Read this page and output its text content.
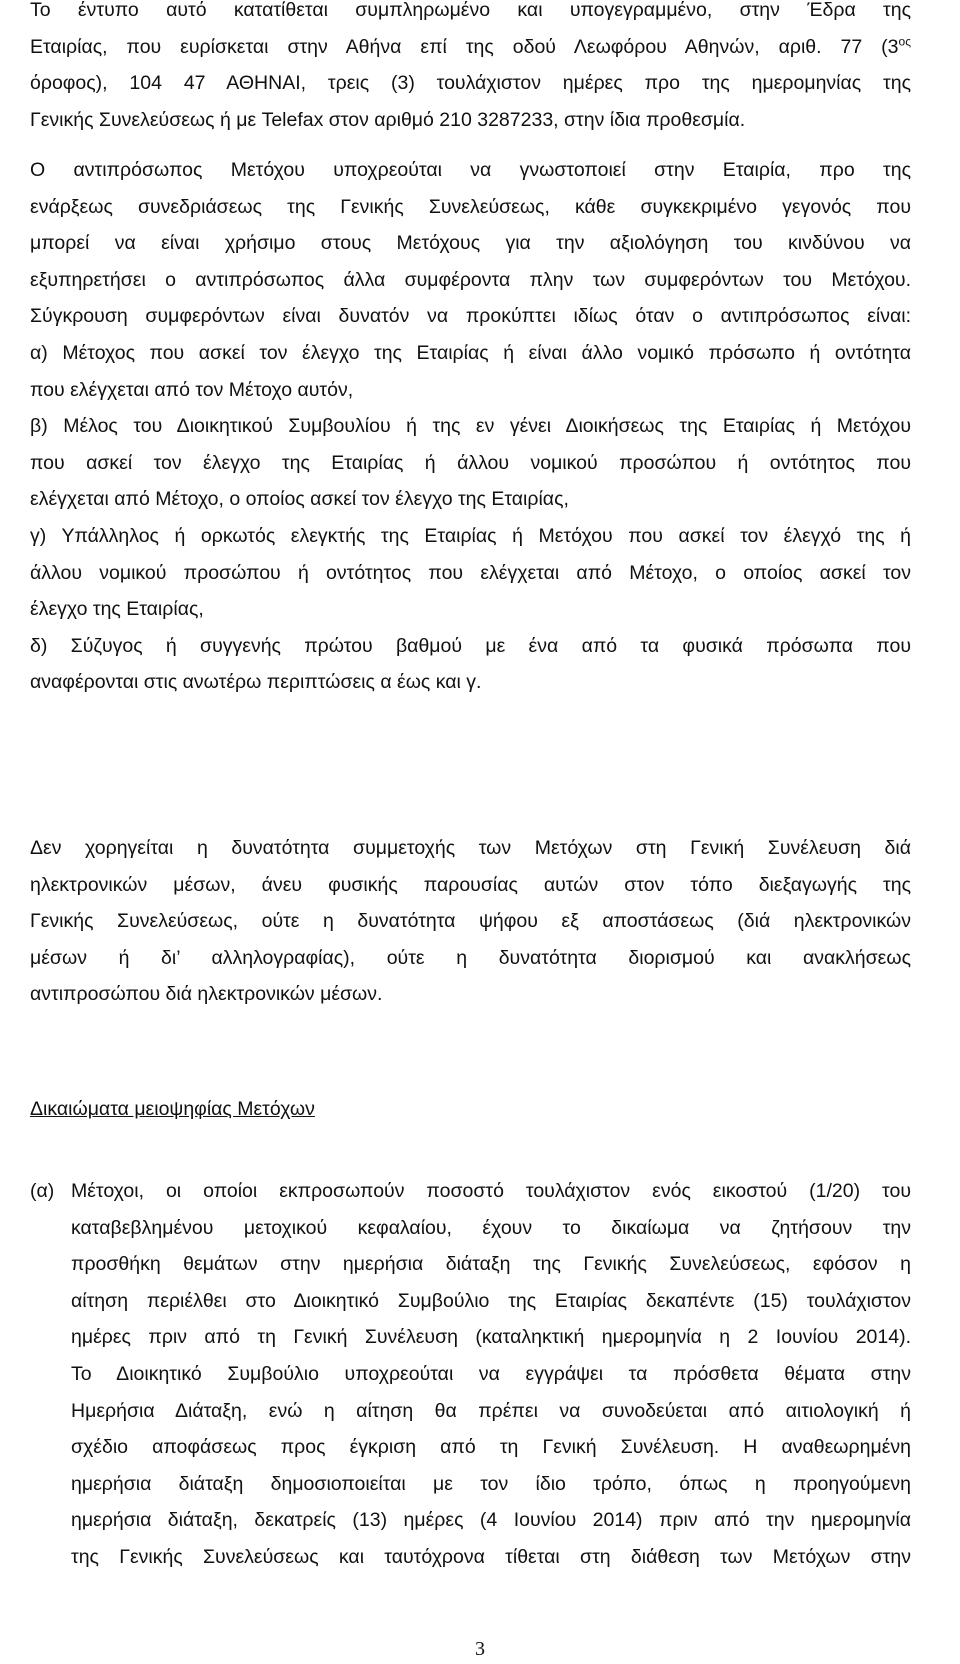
Το έντυπο αυτό κατατίθεται συμπληρωμένο και υπογεγραμμένο, στην Έδρα της
Εταιρίας, που ευρίσκεται στην Αθήνα επί της οδού Λεωφόρου Αθηνών, αριθ. 77 ($3^{o\varsigma}$
όροφος), 104 47 ΑΘΗΝΑΙ, τρεις (3) τουλάχιστον ημέρες προ της ημερομηνίας της
Γενικής Συνελεύσεως ή με Telefax στον αριθμό 210 3287233, στην ίδια προθεσμία.
Ο αντιπρόσωπος Μετόχου υποχρεούται να γνωστοποιεί στην Εταιρία, προ της
ενάρξεως συνεδριάσεως της Γενικής Συνελεύσεως, κάθε συγκεκριμένο γεγονός που
μπορεί να είναι χρήσιμο στους Μετόχους για την αξιολόγηση του κινδύνου να
εξυπηρετήσει ο αντιπρόσωπος άλλα συμφέροντα πλην των συμφερόντων του Μετόχου.
Σύγκρουση συμφερόντων είναι δυνατόν να προκύπτει ιδίως όταν ο αντιπρόσωπος είναι:
α) Μέτοχος που ασκεί τον έλεγχο της Εταιρίας ή είναι άλλο νομικό πρόσωπο ή οντότητα
που ελέγχεται από τον Μέτοχο αυτόν,
β) Μέλος του Διοικητικού Συμβουλίου ή της εν γένει Διοικήσεως της Εταιρίας ή Μετόχου
που ασκεί τον έλεγχο της Εταιρίας ή άλλου νομικού προσώπου ή οντότητος που
ελέγχεται από Μέτοχο, ο οποίος ασκεί τον έλεγχο της Εταιρίας,
γ) Υπάλληλος ή ορκωτός ελεγκτής της Εταιρίας ή Μετόχου που ασκεί τον έλεγχό της ή
άλλου νομικού προσώπου ή οντότητος που ελέγχεται από Μέτοχο, ο οποίος ασκεί τον
έλεγχο της Εταιρίας,
δ) Σύζυγος ή συγγενής πρώτου βαθμού με ένα από τα φυσικά πρόσωπα που
αναφέρονται στις ανωτέρω περιπτώσεις α έως και γ.
Δεν χορηγείται η δυνατότητα συμμετοχής των Μετόχων στη Γενική Συνέλευση διά
ηλεκτρονικών μέσων, άνευ φυσικής παρουσίας αυτών στον τόπο διεξαγωγής της
Γενικής Συνελεύσεως, ούτε η δυνατότητα ψήφου εξ αποστάσεως (διά ηλεκτρονικών
μέσων ή δι’ αλληλογραφίας), ούτε η δυνατότητα διορισμού και ανακλήσεως
αντιπροσώπου διά ηλεκτρονικών μέσων.
Δικαιώματα μειοψηφίας Μετόχων
(α) Μέτοχοι, οι οποίοι εκπροσωπούν ποσοστό τουλάχιστον ενός εικοστού (1/20) του
καταβεβλημένου μετοχικού κεφαλαίου, έχουν το δικαίωμα να ζητήσουν την
προσθήκη θεμάτων στην ημερήσια διάταξη της Γενικής Συνελεύσεως, εφόσον η
αίτηση περιέλθει στο Διοικητικό Συμβούλιο της Εταιρίας δεκαπέντε (15) τουλάχιστον
ημέρες πριν από τη Γενική Συνέλευση (καταληκτική ημερομηνία η 2 Ιουνίου 2014).
Το Διοικητικό Συμβούλιο υποχρεούται να εγγράψει τα πρόσθετα θέματα στην
Ημερήσια Διάταξη, ενώ η αίτηση θα πρέπει να συνοδεύεται από αιτιολογική ή
σχέδιο αποφάσεως προς έγκριση από τη Γενική Συνέλευση. Η αναθεωρημένη
ημερήσια διάταξη δημοσιοποιείται με τον ίδιο τρόπο, όπως η προηγούμενη
ημερήσια διάταξη, δεκατρείς (13) ημέρες (4 Ιουνίου 2014) πριν από την ημερομηνία
της Γενικής Συνελεύσεως και ταυτόχρονα τίθεται στη διάθεση των Μετόχων στην
3
